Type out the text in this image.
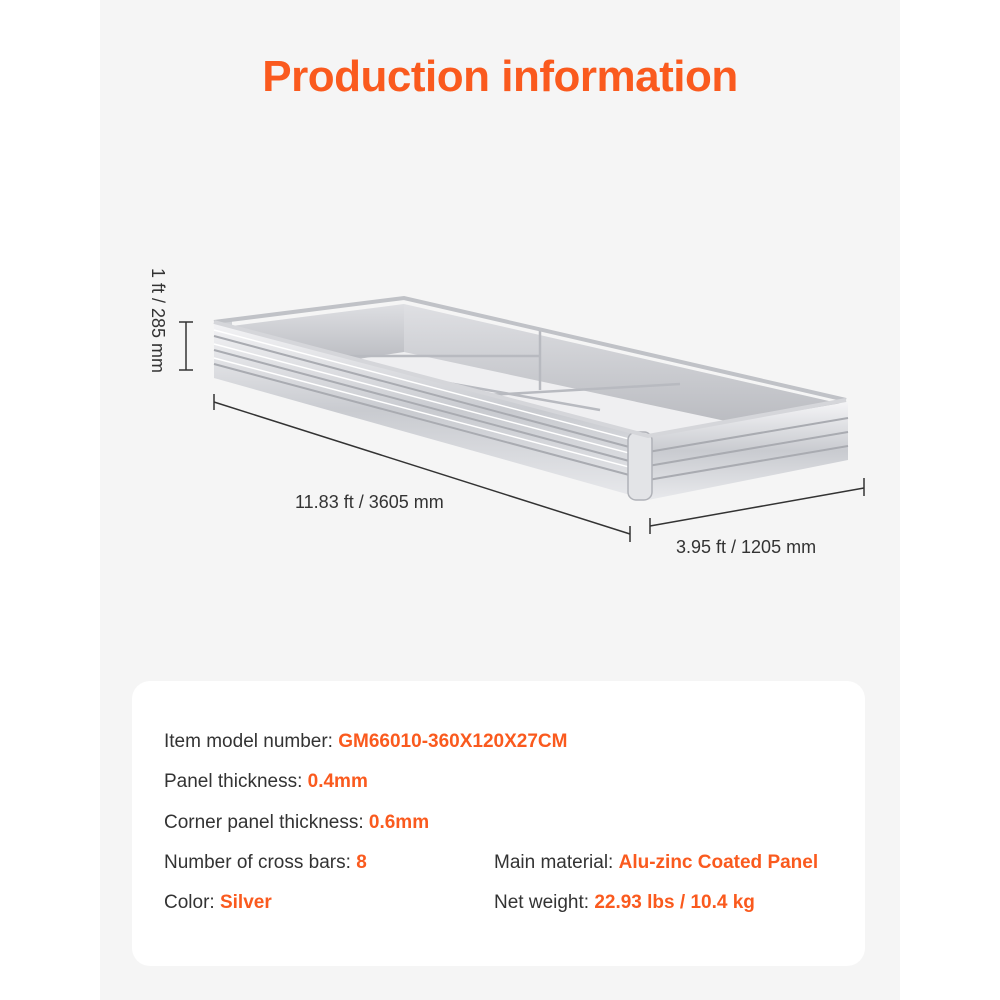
Production information
1 ft / 285 mm
11.83 ft / 3605 mm
3.95 ft / 1205 mm
Item model number: GM66010-360X120X27CM
Panel thickness: 0.4mm
Corner panel thickness: 0.6mm
Number of cross bars: 8	Main material: Alu-zinc Coated Panel
Color: Silver	Net weight: 22.93 lbs / 10.4 kg
